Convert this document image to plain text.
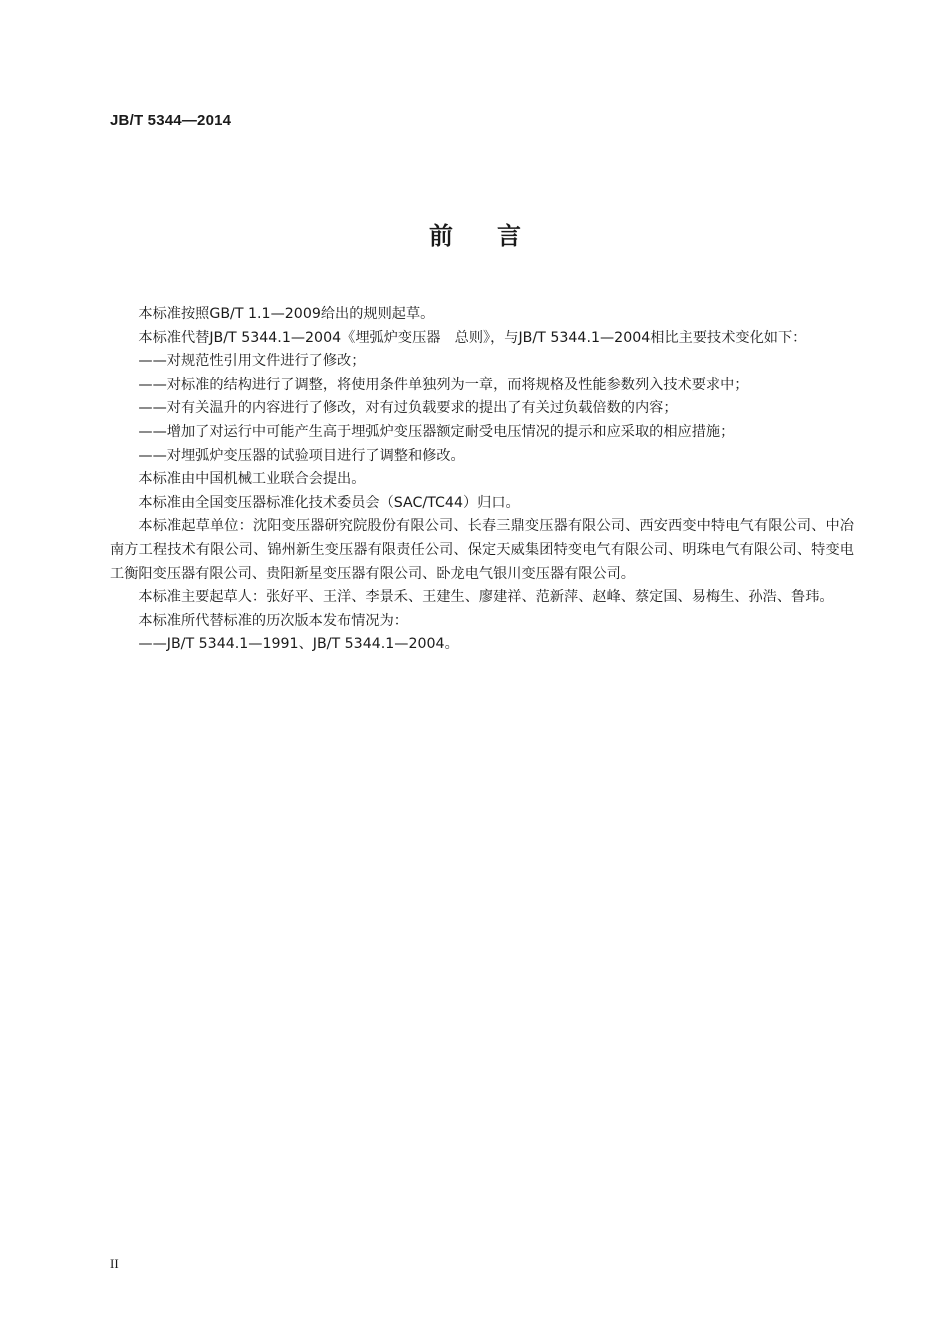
JB/T 5344—2014
前言

本标准按照GB/T 1.1—2009给出的规则起草。

本标准代替JB/T 5344.1—2004《埋弧炉变压器　总则》，与JB/T 5344.1—2004相比主要技术变化如下：

——对规范性引用文件进行了修改；

——对标准的结构进行了调整，将使用条件单独列为一章，而将规格及性能参数列入技术要求中；

——对有关温升的内容进行了修改，对有过负载要求的提出了有关过负载倍数的内容；

——增加了对运行中可能产生高于埋弧炉变压器额定耐受电压情况的提示和应采取的相应措施；

——对埋弧炉变压器的试验项目进行了调整和修改。

本标准由中国机械工业联合会提出。

本标准由全国变压器标准化技术委员会（SAC/TC44）归口。

本标准起草单位：沈阳变压器研究院股份有限公司、长春三鼎变压器有限公司、西安西变中特电气有限公司、中冶南方工程技术有限公司、锦州新生变压器有限责任公司、保定天威集团特变电气有限公司、明珠电气有限公司、特变电工衡阳变压器有限公司、贵阳新星变压器有限公司、卧龙电气银川变压器有限公司。

本标准主要起草人：张好平、王洋、李景禾、王建生、廖建祥、范新萍、赵峰、蔡定国、易梅生、孙浩、鲁玮。

本标准所代替标准的历次版本发布情况为：

——JB/T 5344.1—1991、JB/T 5344.1—2004。

II
